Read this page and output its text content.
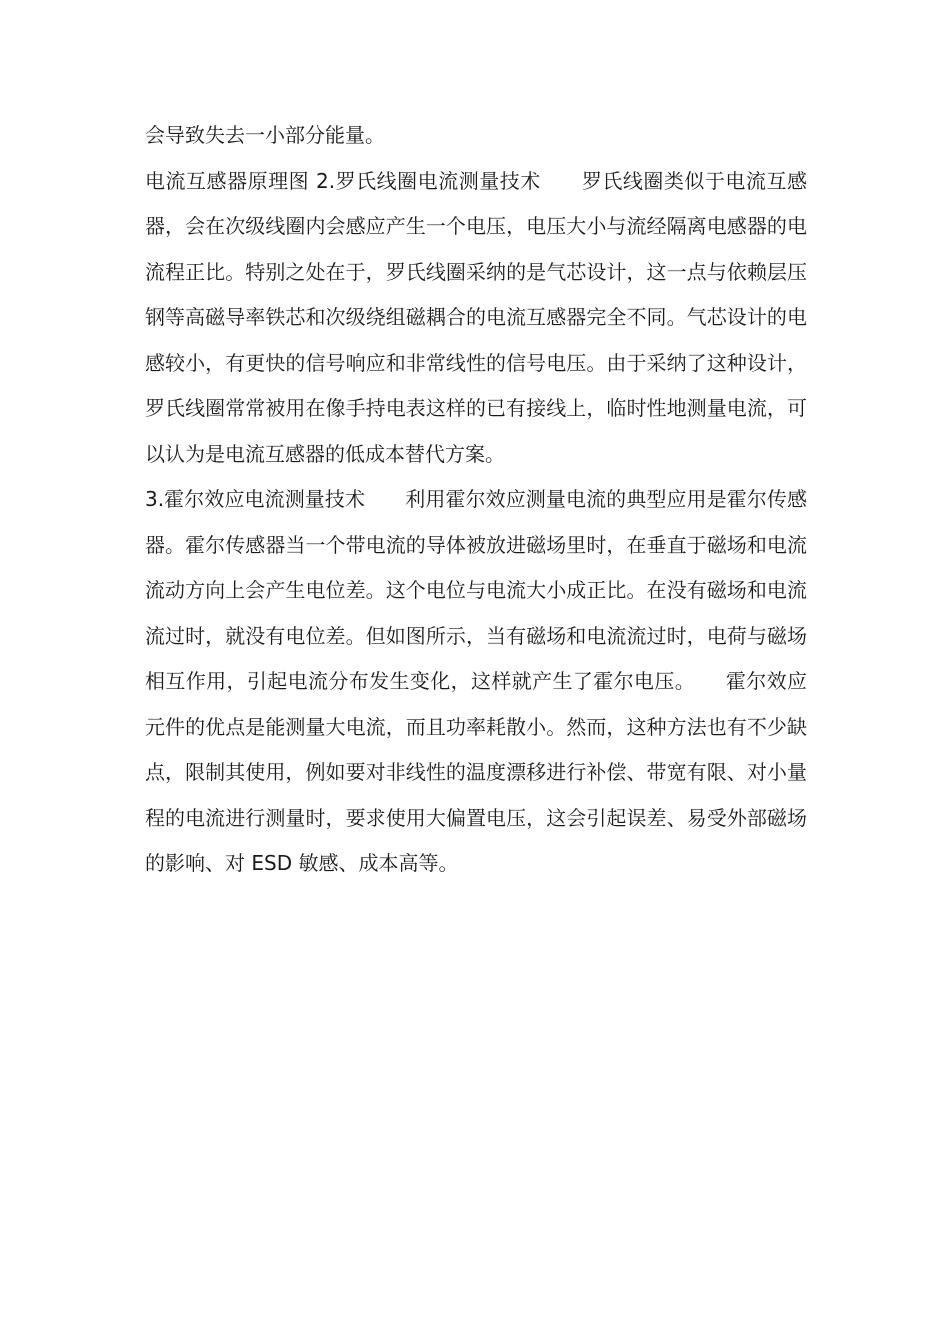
会导致失去一小部分能量。

电流互感器原理图 2.罗氏线圈电流测量技术　　罗氏线圈类似于电流互感器，会在次级线圈内会感应产生一个电压，电压大小与流经隔离电感器的电流程正比。特别之处在于，罗氏线圈采纳的是气芯设计，这一点与依赖层压钢等高磁导率铁芯和次级绕组磁耦合的电流互感器完全不同。气芯设计的电感较小，有更快的信号响应和非常线性的信号电压。由于采纳了这种设计，罗氏线圈常常被用在像手持电表这样的已有接线上，临时性地测量电流，可以认为是电流互感器的低成本替代方案。

3.霍尔效应电流测量技术　　利用霍尔效应测量电流的典型应用是霍尔传感器。霍尔传感器当一个带电流的导体被放进磁场里时，在垂直于磁场和电流流动方向上会产生电位差。这个电位与电流大小成正比。在没有磁场和电流流过时，就没有电位差。但如图所示，当有磁场和电流流过时，电荷与磁场相互作用，引起电流分布发生变化，这样就产生了霍尔电压。　　霍尔效应元件的优点是能测量大电流，而且功率耗散小。然而，这种方法也有不少缺点，限制其使用，例如要对非线性的温度漂移进行补偿、带宽有限、对小量程的电流进行测量时，要求使用大偏置电压，这会引起误差、易受外部磁场的影响、对 ESD 敏感、成本高等。
